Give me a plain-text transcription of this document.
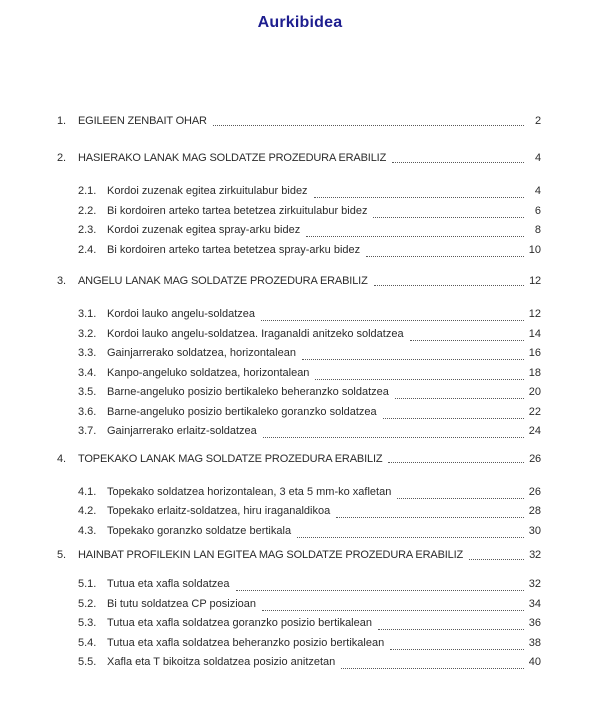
Aurkibidea
1.	EGILEEN ZENBAIT OHAR	2
2.	HASIERAKO LANAK MAG SOLDATZE PROZEDURA ERABILIZ	4
2.1. Kordoi zuzenak egitea zirkuitulabur bidez	4
2.2. Bi kordoiren arteko tartea betetzea zirkuitulabur bidez	6
2.3. Kordoi zuzenak egitea spray-arku bidez	8
2.4. Bi kordoiren arteko tartea betetzea spray-arku bidez	10
3.	ANGELU LANAK MAG SOLDATZE PROZEDURA ERABILIZ	12
3.1. Kordoi lauko angelu-soldatzea	12
3.2. Kordoi lauko angelu-soldatzea. Iraganaldi anitzeko soldatzea	14
3.3. Gainjarrerako soldatzea, horizontalean	16
3.4. Kanpo-angeluko soldatzea, horizontalean	18
3.5. Barne-angeluko posizio bertikaleko beheranzko soldatzea	20
3.6. Barne-angeluko posizio bertikaleko goranzko soldatzea	22
3.7. Gainjarrerako erlaitz-soldatzea	24
4.	TOPEKAKO LANAK MAG SOLDATZE PROZEDURA ERABILIZ	26
4.1. Topekako soldatzea horizontalean, 3 eta 5 mm-ko xafletan	26
4.2. Topekako erlaitz-soldatzea, hiru iraganaldikoa	28
4.3. Topekako goranzko soldatze bertikala	30
5.	HAINBAT PROFILEKIN LAN EGITEA MAG SOLDATZE PROZEDURA ERABILIZ	32
5.1. Tutua eta xafla soldatzea	32
5.2. Bi tutu soldatzea CP posizioan	34
5.3. Tutua eta xafla soldatzea goranzko posizio bertikalean	36
5.4. Tutua eta xafla soldatzea beheranzko posizio bertikalean	38
5.5. Xafla eta T bikoitza soldatzea posizio anitzetan	40
